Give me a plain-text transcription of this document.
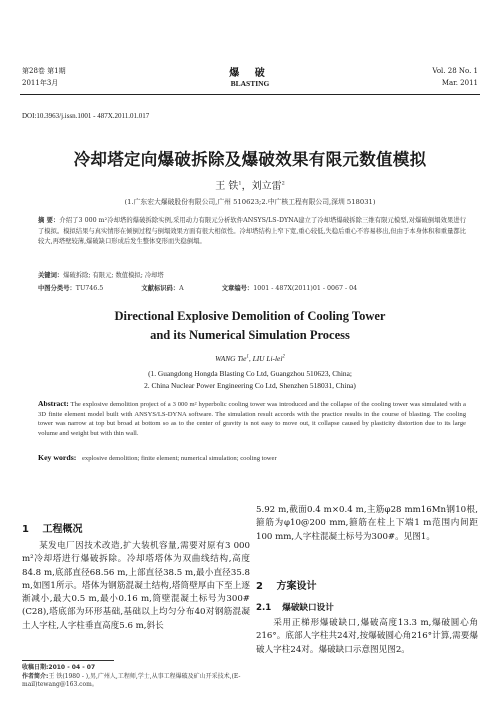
第28卷 第1期
2011年3月
爆 破
BLASTING
Vol. 28 No. 1
Mar. 2011
DOI:10.3963/j.issn.1001 - 487X.2011.01.017
冷却塔定向爆破拆除及爆破效果有限元数值模拟
王 铁$^1$，刘立雷$^2$
(1.广东宏大爆破股份有限公司,广州 510623;2.中广核工程有限公司,深圳 518031)
摘 要：介绍了3 000 m²冷却塔的爆破拆除实例,采用动力有限元分析软件ANSYS/LS-DYNA建立了冷却塔爆破拆除三维有限元模型,对爆破倒塌效果进行了模拟。模拟结果与真实情形在倾倒过程与倒塌效果方面有很大相似性。冷却塔结构上窄下宽,重心较低,失稳后重心不容易移出,但由于本身体积和重量都比较大,再塔壁较薄,爆破缺口形成后发生整体变形而失稳倒塌。
关键词：爆破拆除; 有限元; 数值模拟; 冷却塔
中图分类号：TU746.5	文献标识码：A	文章编号：1001 - 487X(2011)01 - 0067 - 04
Directional Explosive Demolition of Cooling Tower
and its Numerical Simulation Process
WANG Tie$^1$, LIU Li-lei$^2$
(1. Guangdong Hongda Blasting Co Ltd, Guangzhou 510623, China;
2. China Nuclear Power Engineering Co Ltd, Shenzhen 518031, China)
Abstract: The explosive demolition project of a 3 000 m² hyperbolic cooling tower was introduced and the collapse of the cooling tower was simulated with a 3D finite element model built with ANSYS/LS-DYNA software. The simulation result accords with the practice results in the course of blasting. The cooling tower was narrow at top but broad at bottom so as to the center of gravity is not easy to move out, it collapse caused by plasticity distortion due to its large volume and weight but with thin wall.
Key words: explosive demolition; finite element; numerical simulation; cooling tower
1 工程概况

某发电厂因技术改造,扩大装机容量,需要对原有3 000 m²冷却塔进行爆破拆除。冷却塔塔体为双曲线结构,高度84.8 m,底部直径68.56 m,上部直径38.5 m,最小直径35.8 m,如图1所示。塔体为钢筋混凝土结构,塔筒壁厚由下至上逐渐减小,最大0.5 m,最小0.16 m,筒壁混凝土标号为300#(C28),塔底部为环形基础,基础以上均匀分布40对钢筋混凝土人字柱,人字柱垂直高度5.6 m,斜长

收稿日期:2010 - 04 - 07
作者简介:王 铁(1980 - ),男,广州人,工程师,学士,从事工程爆破及矿山开采技术,(E-mail)tewang@163.com。

5.92 m,截面0.4 m×0.4 m,主筋φ28 mm16Mn钢10根,箍筋为φ10@200 mm,箍筋在柱上下端1 m范围内间距100 mm,人字柱混凝土标号为300#。见图1。

2 方案设计
2.1 爆破缺口设计

采用正梯形爆破缺口,爆破高度13.3 m,爆破圆心角216°。底部人字柱共24对,按爆破圆心角216°计算,需要爆破人字柱24对。爆破缺口示意图见图2。
